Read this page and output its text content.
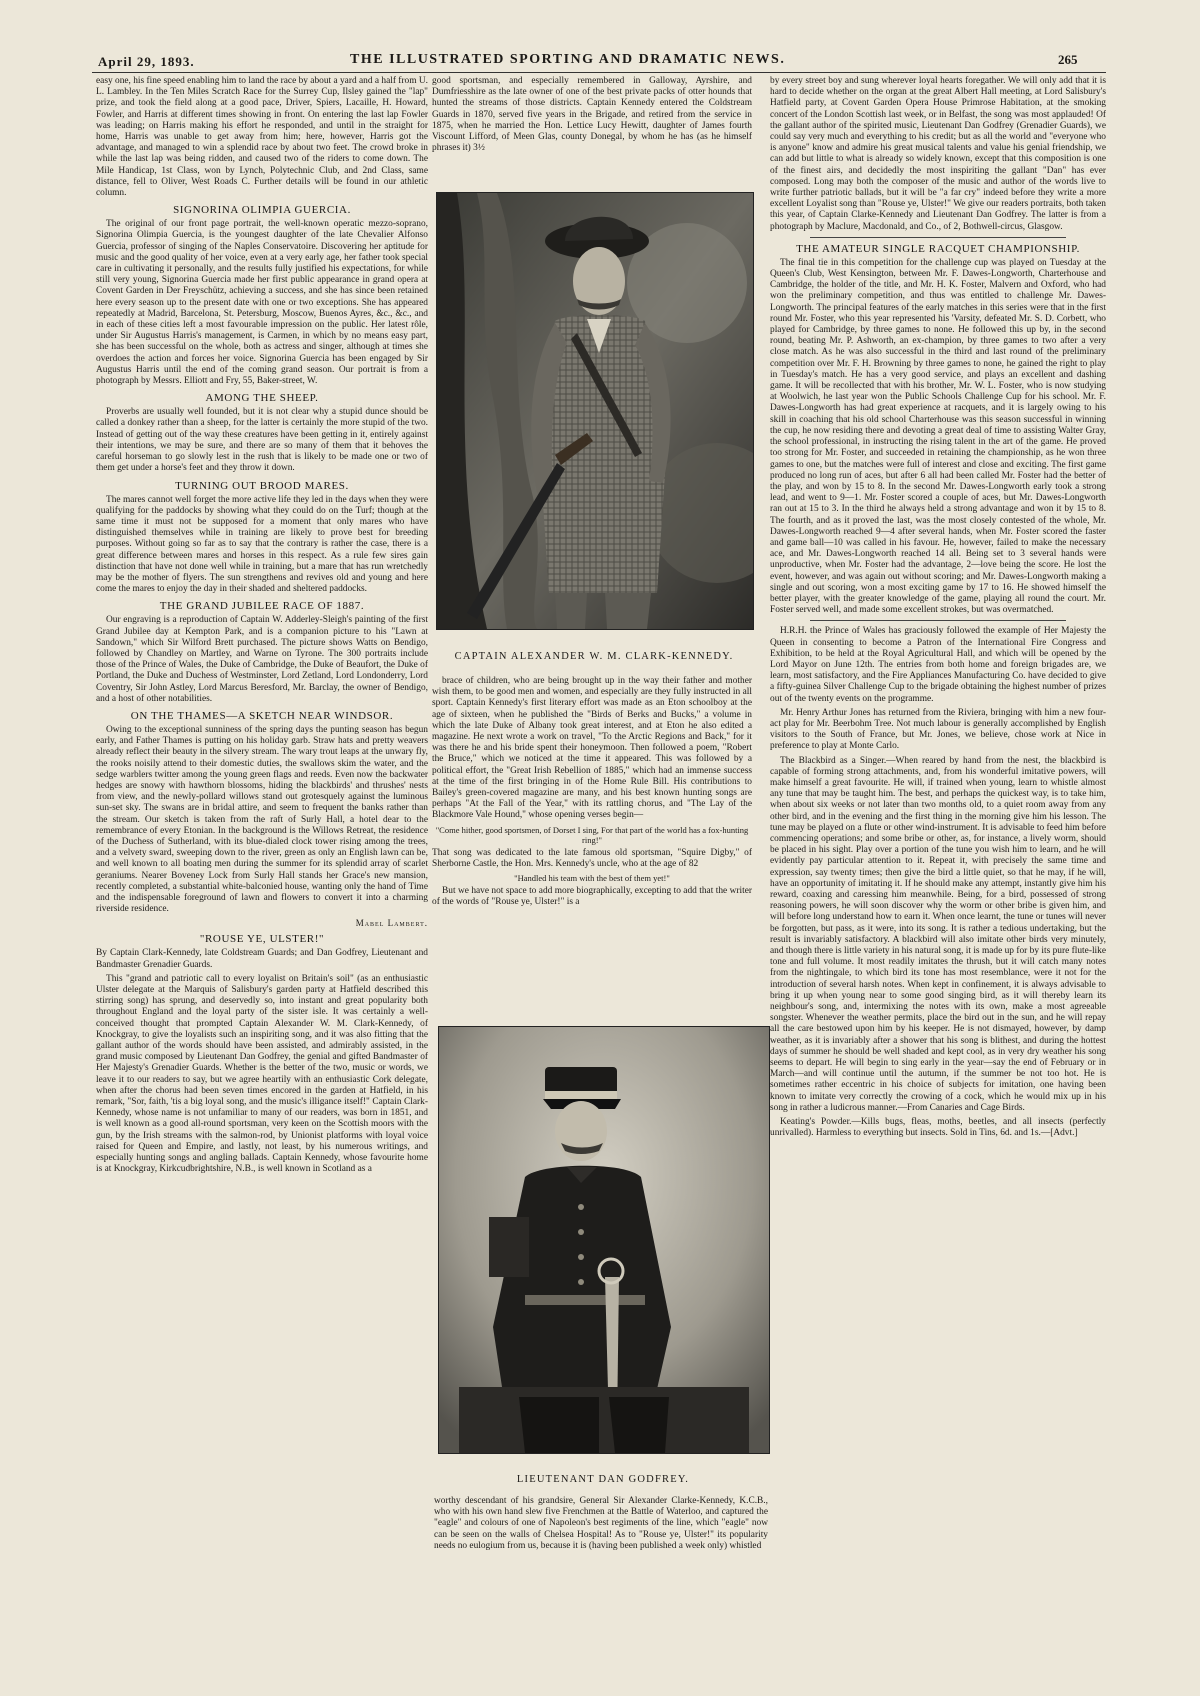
April 29, 1893.	THE ILLUSTRATED SPORTING AND DRAMATIC NEWS.	265

easy one, his fine speed enabling him to land the race by about a yard and a half from U. L. Lambley. In the Ten Miles Scratch Race for the Surrey Cup, Ilsley gained the "lap" prize, and took the field along at a good pace, Driver, Spiers, Lacaille, H. Howard, Fowler, and Harris at different times showing in front. On entering the last lap Fowler was leading; on Harris making his effort he responded, and until in the straight for home, Harris was unable to get away from him; here, however, Harris got the advantage, and managed to win a splendid race by about two feet. The crowd broke in while the last lap was being ridden, and caused two of the riders to come down. The Mile Handicap, 1st Class, won by Lynch, Polytechnic Club, and 2nd Class, same distance, fell to Oliver, West Roads C. Further details will be found in our athletic column.

SIGNORINA OLIMPIA GUERCIA.

The original of our front page portrait, the well-known operatic mezzo-soprano, Signorina Olimpia Guercia, is the youngest daughter of the late Chevalier Alfonso Guercia, professor of singing of the Naples Conservatoire. Discovering her aptitude for music and the good quality of her voice, even at a very early age, her father took special care in cultivating it personally, and the results fully justified his expectations, for while still very young, Signorina Guercia made her first public appearance in grand opera at Covent Garden in Der Freyschütz, achieving a success, and she has since been retained here every season up to the present date with one or two exceptions. She has appeared repeatedly at Madrid, Barcelona, St. Petersburg, Moscow, Buenos Ayres, &c., &c., and in each of these cities left a most favourable impression on the public. Her latest rôle, under Sir Augustus Harris's management, is Carmen, in which by no means easy part, she has been successful on the whole, both as actress and singer, although at times she overdoes the action and forces her voice. Signorina Guercia has been engaged by Sir Augustus Harris until the end of the coming grand season. Our portrait is from a photograph by Messrs. Elliott and Fry, 55, Baker-street, W.

AMONG THE SHEEP.

Proverbs are usually well founded, but it is not clear why a stupid dunce should be called a donkey rather than a sheep, for the latter is certainly the more stupid of the two. Instead of getting out of the way these creatures have been getting in it, entirely against their intentions, we may be sure, and there are so many of them that it behoves the careful horseman to go slowly lest in the rush that is likely to be made one or two of them get under a horse's feet and they throw it down.

TURNING OUT BROOD MARES.

The mares cannot well forget the more active life they led in the days when they were qualifying for the paddocks by showing what they could do on the Turf; though at the same time it must not be supposed for a moment that only mares who have distinguished themselves while in training are likely to prove best for breeding purposes. Without going so far as to say that the contrary is rather the case, there is a great difference between mares and horses in this respect. As a rule few sires gain distinction that have not done well while in training, but a mare that has run wretchedly may be the mother of flyers. The sun strengthens and revives old and young and here come the mares to enjoy the day in their shaded and sheltered paddocks.

THE GRAND JUBILEE RACE OF 1887.

Our engraving is a reproduction of Captain W. Adderley-Sleigh's painting of the first Grand Jubilee day at Kempton Park, and is a companion picture to his "Lawn at Sandown," which Sir Wilford Brett purchased. The picture shows Watts on Bendigo, followed by Chandley on Martley, and Warne on Tyrone. The 300 portraits include those of the Prince of Wales, the Duke of Cambridge, the Duke of Beaufort, the Duke of Portland, the Duke and Duchess of Westminster, Lord Zetland, Lord Londonderry, Lord Coventry, Sir John Astley, Lord Marcus Beresford, Mr. Barclay, the owner of Bendigo, and a host of other notabilities.

ON THE THAMES—A SKETCH NEAR WINDSOR.

Owing to the exceptional sunniness of the spring days the punting season has begun early, and Father Thames is putting on his holiday garb. Straw hats and pretty weavers already reflect their beauty in the silvery stream. The wary trout leaps at the unwary fly, the rooks noisily attend to their domestic duties, the swallows skim the water, and the sedge warblers twitter among the young green flags and reeds. Even now the backwater hedges are snowy with hawthorn blossoms, hiding the blackbirds' and thrushes' nests from view, and the newly-pollard willows stand out grotesquely against the luminous sun-set sky. The swans are in bridal attire, and seem to frequent the banks rather than the stream. Our sketch is taken from the raft of Surly Hall, a hotel dear to the remembrance of every Etonian. In the background is the Willows Retreat, the residence of the Duchess of Sutherland, with its blue-dialed clock tower rising among the trees, and a velvety sward, sweeping down to the river, green as only an English lawn can be, and well known to all boating men during the summer for its splendid array of scarlet geraniums. Nearer Boveney Lock from Surly Hall stands her Grace's new mansion, recently completed, a substantial white-balconied house, wanting only the hand of Time and the indispensable foreground of lawn and flowers to convert it into a charming riverside residence.

Mabel Lambert.
"ROUSE YE, ULSTER!"

By Captain Clark-Kennedy, late Coldstream Guards; and Dan Godfrey, Lieutenant and Bandmaster Grenadier Guards.

This "grand and patriotic call to every loyalist on Britain's soil" (as an enthusiastic Ulster delegate at the Marquis of Salisbury's garden party at Hatfield described this stirring song) has sprung, and deservedly so, into instant and great popularity both throughout England and the loyal party of the sister isle. It was certainly a well-conceived thought that prompted Captain Alexander W. M. Clark-Kennedy, of Knockgray, to give the loyalists such an inspiriting song, and it was also fitting that the gallant author of the words should have been assisted, and admirably assisted, in the grand music composed by Lieutenant Dan Godfrey, the genial and gifted Bandmaster of Her Majesty's Grenadier Guards. Whether is the better of the two, music or words, we leave it to our readers to say, but we agree heartily with an enthusiastic Cork delegate, when after the chorus had been seven times encored in the garden at Hatfield, in his remark, "Sor, faith, 'tis a big loyal song, and the music's illigance itself!" Captain Clark-Kennedy, whose name is not unfamiliar to many of our readers, was born in 1851, and is well known as a good all-round sportsman, very keen on the Scottish moors with the gun, by the Irish streams with the salmon-rod, by Unionist platforms with loyal voice raised for Queen and Empire, and lastly, not least, by his numerous writings, and especially hunting songs and angling ballads. Captain Kennedy, whose favourite home is at Knockgray, Kirkcudbrightshire, N.B., is well known in Scotland as a

good sportsman, and especially remembered in Galloway, Ayrshire, and Dumfriesshire as the late owner of one of the best private packs of otter hounds that hunted the streams of those districts. Captain Kennedy entered the Coldstream Guards in 1870, served five years in the Brigade, and retired from the service in 1875, when he married the Hon. Lettice Lucy Hewitt, daughter of James fourth Viscount Lifford, of Meen Glas, county Donegal, by whom he has (as he himself phrases it) 3½

CAPTAIN ALEXANDER W. M. CLARK-KENNEDY.

brace of children, who are being brought up in the way their father and mother wish them, to be good men and women, and especially are they fully instructed in all sport. Captain Kennedy's first literary effort was made as an Eton schoolboy at the age of sixteen, when he published the "Birds of Berks and Bucks," a volume in which the late Duke of Albany took great interest, and at Eton he also edited a magazine. He next wrote a work on travel, "To the Arctic Regions and Back," for it was there he and his bride spent their honeymoon. Then followed a poem, "Robert the Bruce," which we noticed at the time it appeared. This was followed by a political effort, the "Great Irish Rebellion of 1885," which had an immense success at the time of the first bringing in of the Home Rule Bill. His contributions to Bailey's green-covered magazine are many, and his best known hunting songs are perhaps "At the Fall of the Year," with its rattling chorus, and "The Lay of the Blackmore Vale Hound," whose opening verses begin—

"Come hither, good sportsmen, of Dorset I sing, For that part of the world has a fox-hunting ring!"

That song was dedicated to the late famous old sportsman, "Squire Digby," of Sherborne Castle, the Hon. Mrs. Kennedy's uncle, who at the age of 82

"Handled his team with the best of them yet!"

But we have not space to add more biographically, excepting to add that the writer of the words of "Rouse ye, Ulster!" is a

LIEUTENANT DAN GODFREY.

worthy descendant of his grandsire, General Sir Alexander Clarke-Kennedy, K.C.B., who with his own hand slew five Frenchmen at the Battle of Waterloo, and captured the "eagle" and colours of one of Napoleon's best regiments of the line, which "eagle" now can be seen on the walls of Chelsea Hospital! As to "Rouse ye, Ulster!" its popularity needs no eulogium from us, because it is (having been published a week only) whistled

by every street boy and sung wherever loyal hearts foregather. We will only add that it is hard to decide whether on the organ at the great Albert Hall meeting, at Lord Salisbury's Hatfield party, at Covent Garden Opera House Primrose Habitation, at the smoking concert of the London Scottish last week, or in Belfast, the song was most applauded! Of the gallant author of the spirited music, Lieutenant Dan Godfrey (Grenadier Guards), we could say very much and everything to his credit; but as all the world and "everyone who is anyone" know and admire his great musical talents and value his genial friendship, we can add but little to what is already so widely known, except that this composition is one of the finest airs, and decidedly the most inspiriting the gallant "Dan" has ever composed. Long may both the composer of the music and author of the words live to write further patriotic ballads, but it will be "a far cry" indeed before they write a more excellent Loyalist song than "Rouse ye, Ulster!" We give our readers portraits, both taken this year, of Captain Clarke-Kennedy and Lieutenant Dan Godfrey. The latter is from a photograph by Maclure, Macdonald, and Co., of 2, Bothwell-circus, Glasgow.

THE AMATEUR SINGLE RACQUET CHAMPIONSHIP.

The final tie in this competition for the challenge cup was played on Tuesday at the Queen's Club, West Kensington, between Mr. F. Dawes-Longworth, Charterhouse and Cambridge, the holder of the title, and Mr. H. K. Foster, Malvern and Oxford, who had won the preliminary competition, and thus was entitled to challenge Mr. Dawes-Longworth. The principal features of the early matches in this series were that in the first round Mr. Foster, who this year represented his 'Varsity, defeated Mr. S. D. Corbett, who played for Cambridge, by three games to none. He followed this up by, in the second round, beating Mr. P. Ashworth, an ex-champion, by three games to two after a very close match. As he was also successful in the third and last round of the preliminary competition over Mr. F. H. Browning by three games to none, he gained the right to play in Tuesday's match. He has a very good service, and plays an excellent and dashing game. It will be recollected that with his brother, Mr. W. L. Foster, who is now studying at Woolwich, he last year won the Public Schools Challenge Cup for his school. Mr. F. Dawes-Longworth has had great experience at racquets, and it is largely owing to his skill in coaching that his old school Charterhouse was this season successful in winning the cup, he now residing there and devoting a great deal of time to assisting Walter Gray, the school professional, in instructing the rising talent in the art of the game. He proved too strong for Mr. Foster, and succeeded in retaining the championship, as he won three games to one, but the matches were full of interest and close and exciting. The first game produced no long run of aces, but after 6 all had been called Mr. Foster had the better of the play, and won by 15 to 8. In the second Mr. Dawes-Longworth early took a strong lead, and went to 9—1. Mr. Foster scored a couple of aces, but Mr. Dawes-Longworth ran out at 15 to 3. In the third he always held a strong advantage and won it by 15 to 8. The fourth, and as it proved the last, was the most closely contested of the whole, Mr. Dawes-Longworth reached 9—4 after several hands, when Mr. Foster scored the faster and game ball—10 was called in his favour. He, however, failed to make the necessary ace, and Mr. Dawes-Longworth reached 14 all. Being set to 3 several hands were unproductive, when Mr. Foster had the advantage, 2—love being the score. He lost the event, however, and was again out without scoring; and Mr. Dawes-Longworth making a single and out scoring, won a most exciting game by 17 to 16. He showed himself the better player, with the greater knowledge of the game, playing all round the court. Mr. Foster served well, and made some excellent strokes, but was overmatched.

H.R.H. the Prince of Wales has graciously followed the example of Her Majesty the Queen in consenting to become a Patron of the International Fire Congress and Exhibition, to be held at the Royal Agricultural Hall, and which will be opened by the Lord Mayor on June 12th. The entries from both home and foreign brigades are, we learn, most satisfactory, and the Fire Appliances Manufacturing Co. have decided to give a fifty-guinea Silver Challenge Cup to the brigade obtaining the highest number of prizes out of the twenty events on the programme.

Mr. Henry Arthur Jones has returned from the Riviera, bringing with him a new four-act play for Mr. Beerbohm Tree. Not much labour is generally accomplished by English visitors to the South of France, but Mr. Jones, we believe, chose work at Nice in preference to play at Monte Carlo.

The Blackbird as a Singer.—When reared by hand from the nest, the blackbird is capable of forming strong attachments, and, from his wonderful imitative powers, will make himself a great favourite. He will, if trained when young, learn to whistle almost any tune that may be taught him. The best, and perhaps the quickest way, is to take him, when about six weeks or not later than two months old, to a quiet room away from any other bird, and in the evening and the first thing in the morning give him his lesson. The tune may be played on a flute or other wind-instrument. It is advisable to feed him before commencing operations; and some bribe or other, as, for instance, a lively worm, should be placed in his sight. Play over a portion of the tune you wish him to learn, and he will evidently pay particular attention to it. Repeat it, with precisely the same time and expression, say twenty times; then give the bird a little quiet, so that he may, if he will, have an opportunity of imitating it. If he should make any attempt, instantly give him his reward, coaxing and caressing him meanwhile. Being, for a bird, possessed of strong reasoning powers, he will soon discover why the worm or other bribe is given him, and will before long understand how to earn it. When once learnt, the tune or tunes will never be forgotten, but pass, as it were, into its song. It is rather a tedious undertaking, but the result is invariably satisfactory. A blackbird will also imitate other birds very minutely, and though there is little variety in his natural song, it is made up for by its pure flute-like tone and full volume. It most readily imitates the thrush, but it will catch many notes from the nightingale, to which bird its tone has most resemblance, were it not for the introduction of several harsh notes. When kept in confinement, it is always advisable to bring it up when young near to some good singing bird, as it will thereby learn its neighbour's song, and, intermixing the notes with its own, make a most agreeable songster. Whenever the weather permits, place the bird out in the sun, and he will repay all the care bestowed upon him by his keeper. He is not dismayed, however, by damp weather, as it is invariably after a shower that his song is blithest, and during the hottest days of summer he should be well shaded and kept cool, as in very dry weather his song seems to depart. He will begin to sing early in the year—say the end of February or in March—and will continue until the autumn, if the summer be not too hot. He is sometimes rather eccentric in his choice of subjects for imitation, one having been known to imitate very correctly the crowing of a cock, which he would mix up in his song in rather a ludicrous manner.—From Canaries and Cage Birds.

Keating's Powder.—Kills bugs, fleas, moths, beetles, and all insects (perfectly unrivalled). Harmless to everything but insects. Sold in Tins, 6d. and 1s.—[Advt.]
